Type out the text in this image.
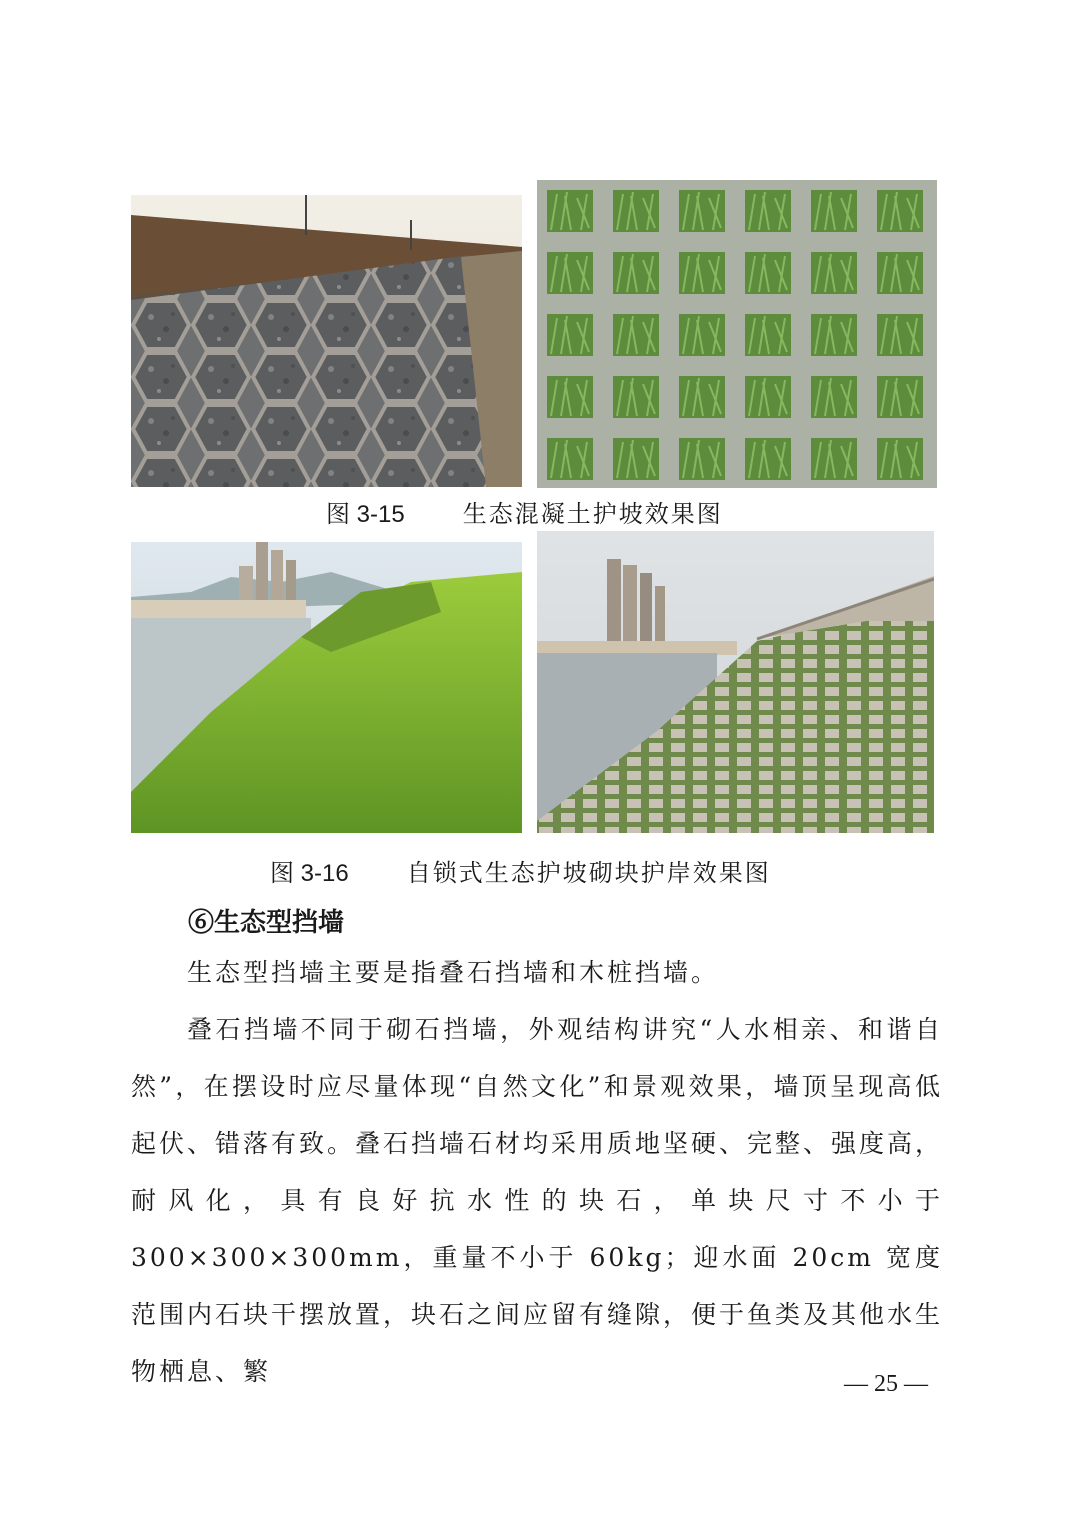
图 3-15 生态混凝土护坡效果图
图 3-16 自锁式生态护坡砌块护岸效果图
⑥生态型挡墙
生态型挡墙主要是指叠石挡墙和木桩挡墙。
叠石挡墙不同于砌石挡墙，外观结构讲究“人水相亲、和谐自然”，在摆设时应尽量体现“自然文化”和景观效果，墙顶呈现高低起伏、错落有致。叠石挡墙石材均采用质地坚硬、完整、强度高，耐风化，具有良好抗水性的块石，单块尺寸不小于 300×300×300mm，重量不小于 60kg；迎水面 20cm 宽度范围内石块干摆放置，块石之间应留有缝隙，便于鱼类及其他水生物栖息、繁	— 25 —
